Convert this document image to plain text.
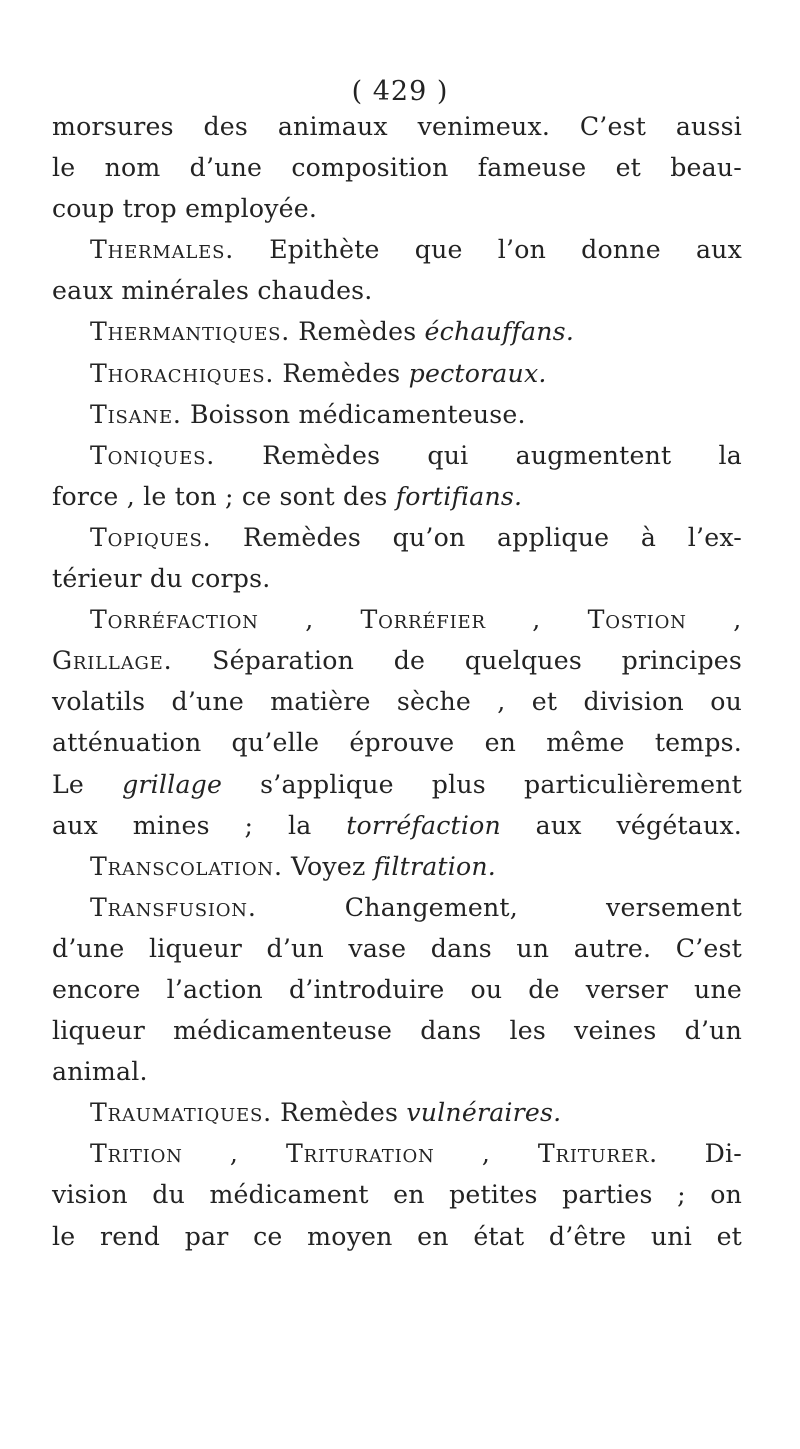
( 429 )
morsures des animaux venimeux. C’est aussi
le nom d’une composition fameuse et beau-
coup trop employée.
Thermales. Epithète que l’on donne aux
eaux minérales chaudes.
Thermantiques. Remèdes échauffans.
Thorachiques. Remèdes pectoraux.
Tisane. Boisson médicamenteuse.
Toniques. Remèdes qui augmentent la
force , le ton ; ce sont des fortifians.
Topiques. Remèdes qu’on applique à l’ex-
térieur du corps.
Torréfaction , Torréfier , Tostion ,
Grillage. Séparation de quelques principes
volatils d’une matière sèche , et division ou
atténuation qu’elle éprouve en même temps.
Le grillage s’applique plus particulièrement
aux mines ; la torréfaction aux végétaux.
Transcolation. Voyez filtration.
Transfusion. Changement, versement
d’une liqueur d’un vase dans un autre. C’est
encore l’action d’introduire ou de verser une
liqueur médicamenteuse dans les veines d’un
animal.
Traumatiques. Remèdes vulnéraires.
Trition , Trituration , Triturer. Di-
vision du médicament en petites parties ; on
le rend par ce moyen en état d’être uni et
